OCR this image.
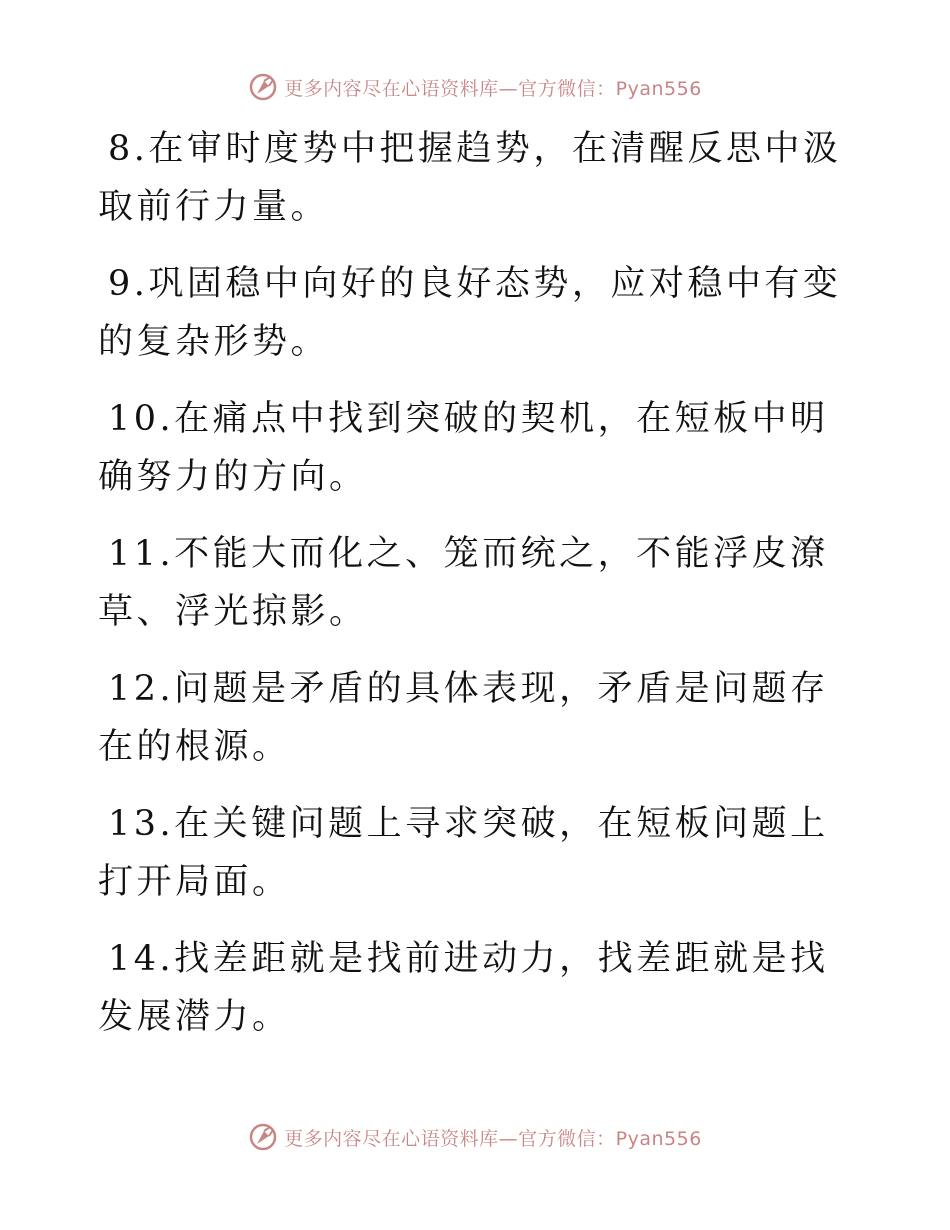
更多内容尽在心语资料库—官方微信：Pyan556

8.在审时度势中把握趋势，在清醒反思中汲取前行力量。

9.巩固稳中向好的良好态势，应对稳中有变的复杂形势。

10.在痛点中找到突破的契机，在短板中明确努力的方向。

11.不能大而化之、笼而统之，不能浮皮潦草、浮光掠影。

12.问题是矛盾的具体表现，矛盾是问题存在的根源。

13.在关键问题上寻求突破，在短板问题上打开局面。

14.找差距就是找前进动力，找差距就是找发展潜力。

更多内容尽在心语资料库—官方微信：Pyan556
